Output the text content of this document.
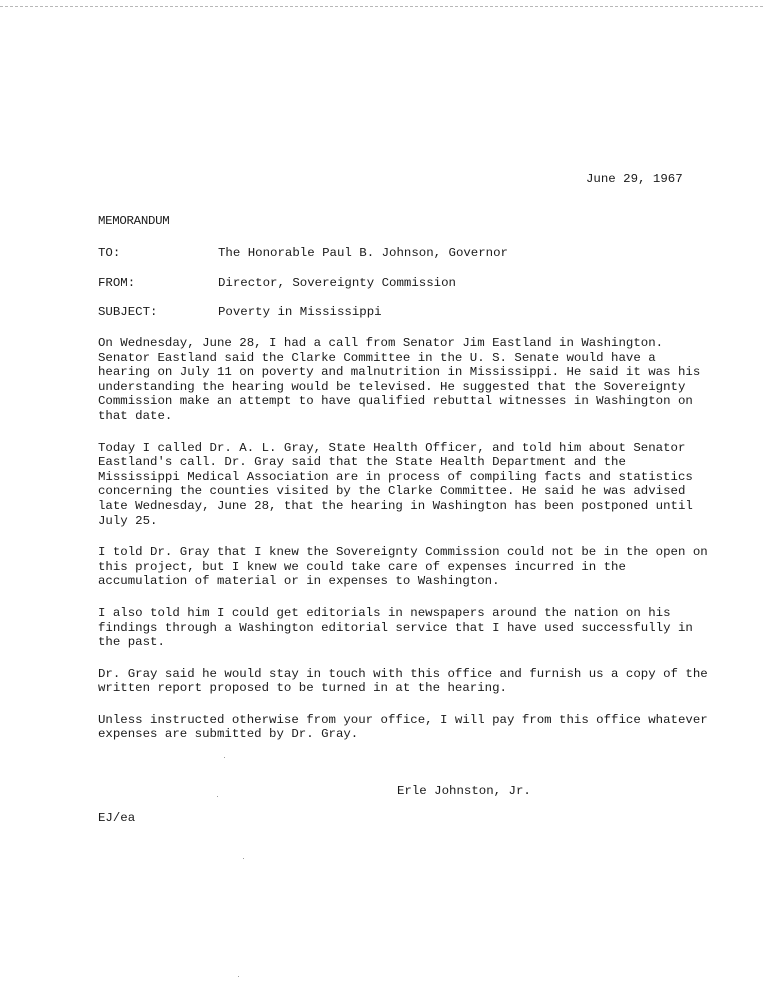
June 29, 1967
MEMORANDUM
TO:	The Honorable Paul B. Johnson, Governor
FROM:	Director, Sovereignty Commission
SUBJECT:	Poverty in Mississippi

On Wednesday, June 28, I had a call from Senator Jim Eastland in Washington. Senator Eastland said the Clarke Committee in the U. S. Senate would have a hearing on July 11 on poverty and malnutrition in Mississippi. He said it was his understanding the hearing would be televised. He suggested that the Sovereignty Commission make an attempt to have qualified rebuttal witnesses in Washington on that date.

Today I called Dr. A. L. Gray, State Health Officer, and told him about Senator Eastland's call. Dr. Gray said that the State Health Department and the Mississippi Medical Association are in process of compiling facts and statistics concerning the counties visited by the Clarke Committee. He said he was advised late Wednesday, June 28, that the hearing in Washington has been postponed until July 25.

I told Dr. Gray that I knew the Sovereignty Commission could not be in the open on this project, but I knew we could take care of expenses incurred in the accumulation of material or in expenses to Washington.

I also told him I could get editorials in newspapers around the nation on his findings through a Washington editorial service that I have used successfully in the past.

Dr. Gray said he would stay in touch with this office and furnish us a copy of the written report proposed to be turned in at the hearing.

Unless instructed otherwise from your office, I will pay from this office whatever expenses are submitted by Dr. Gray.

Erle Johnston, Jr.
EJ/ea
